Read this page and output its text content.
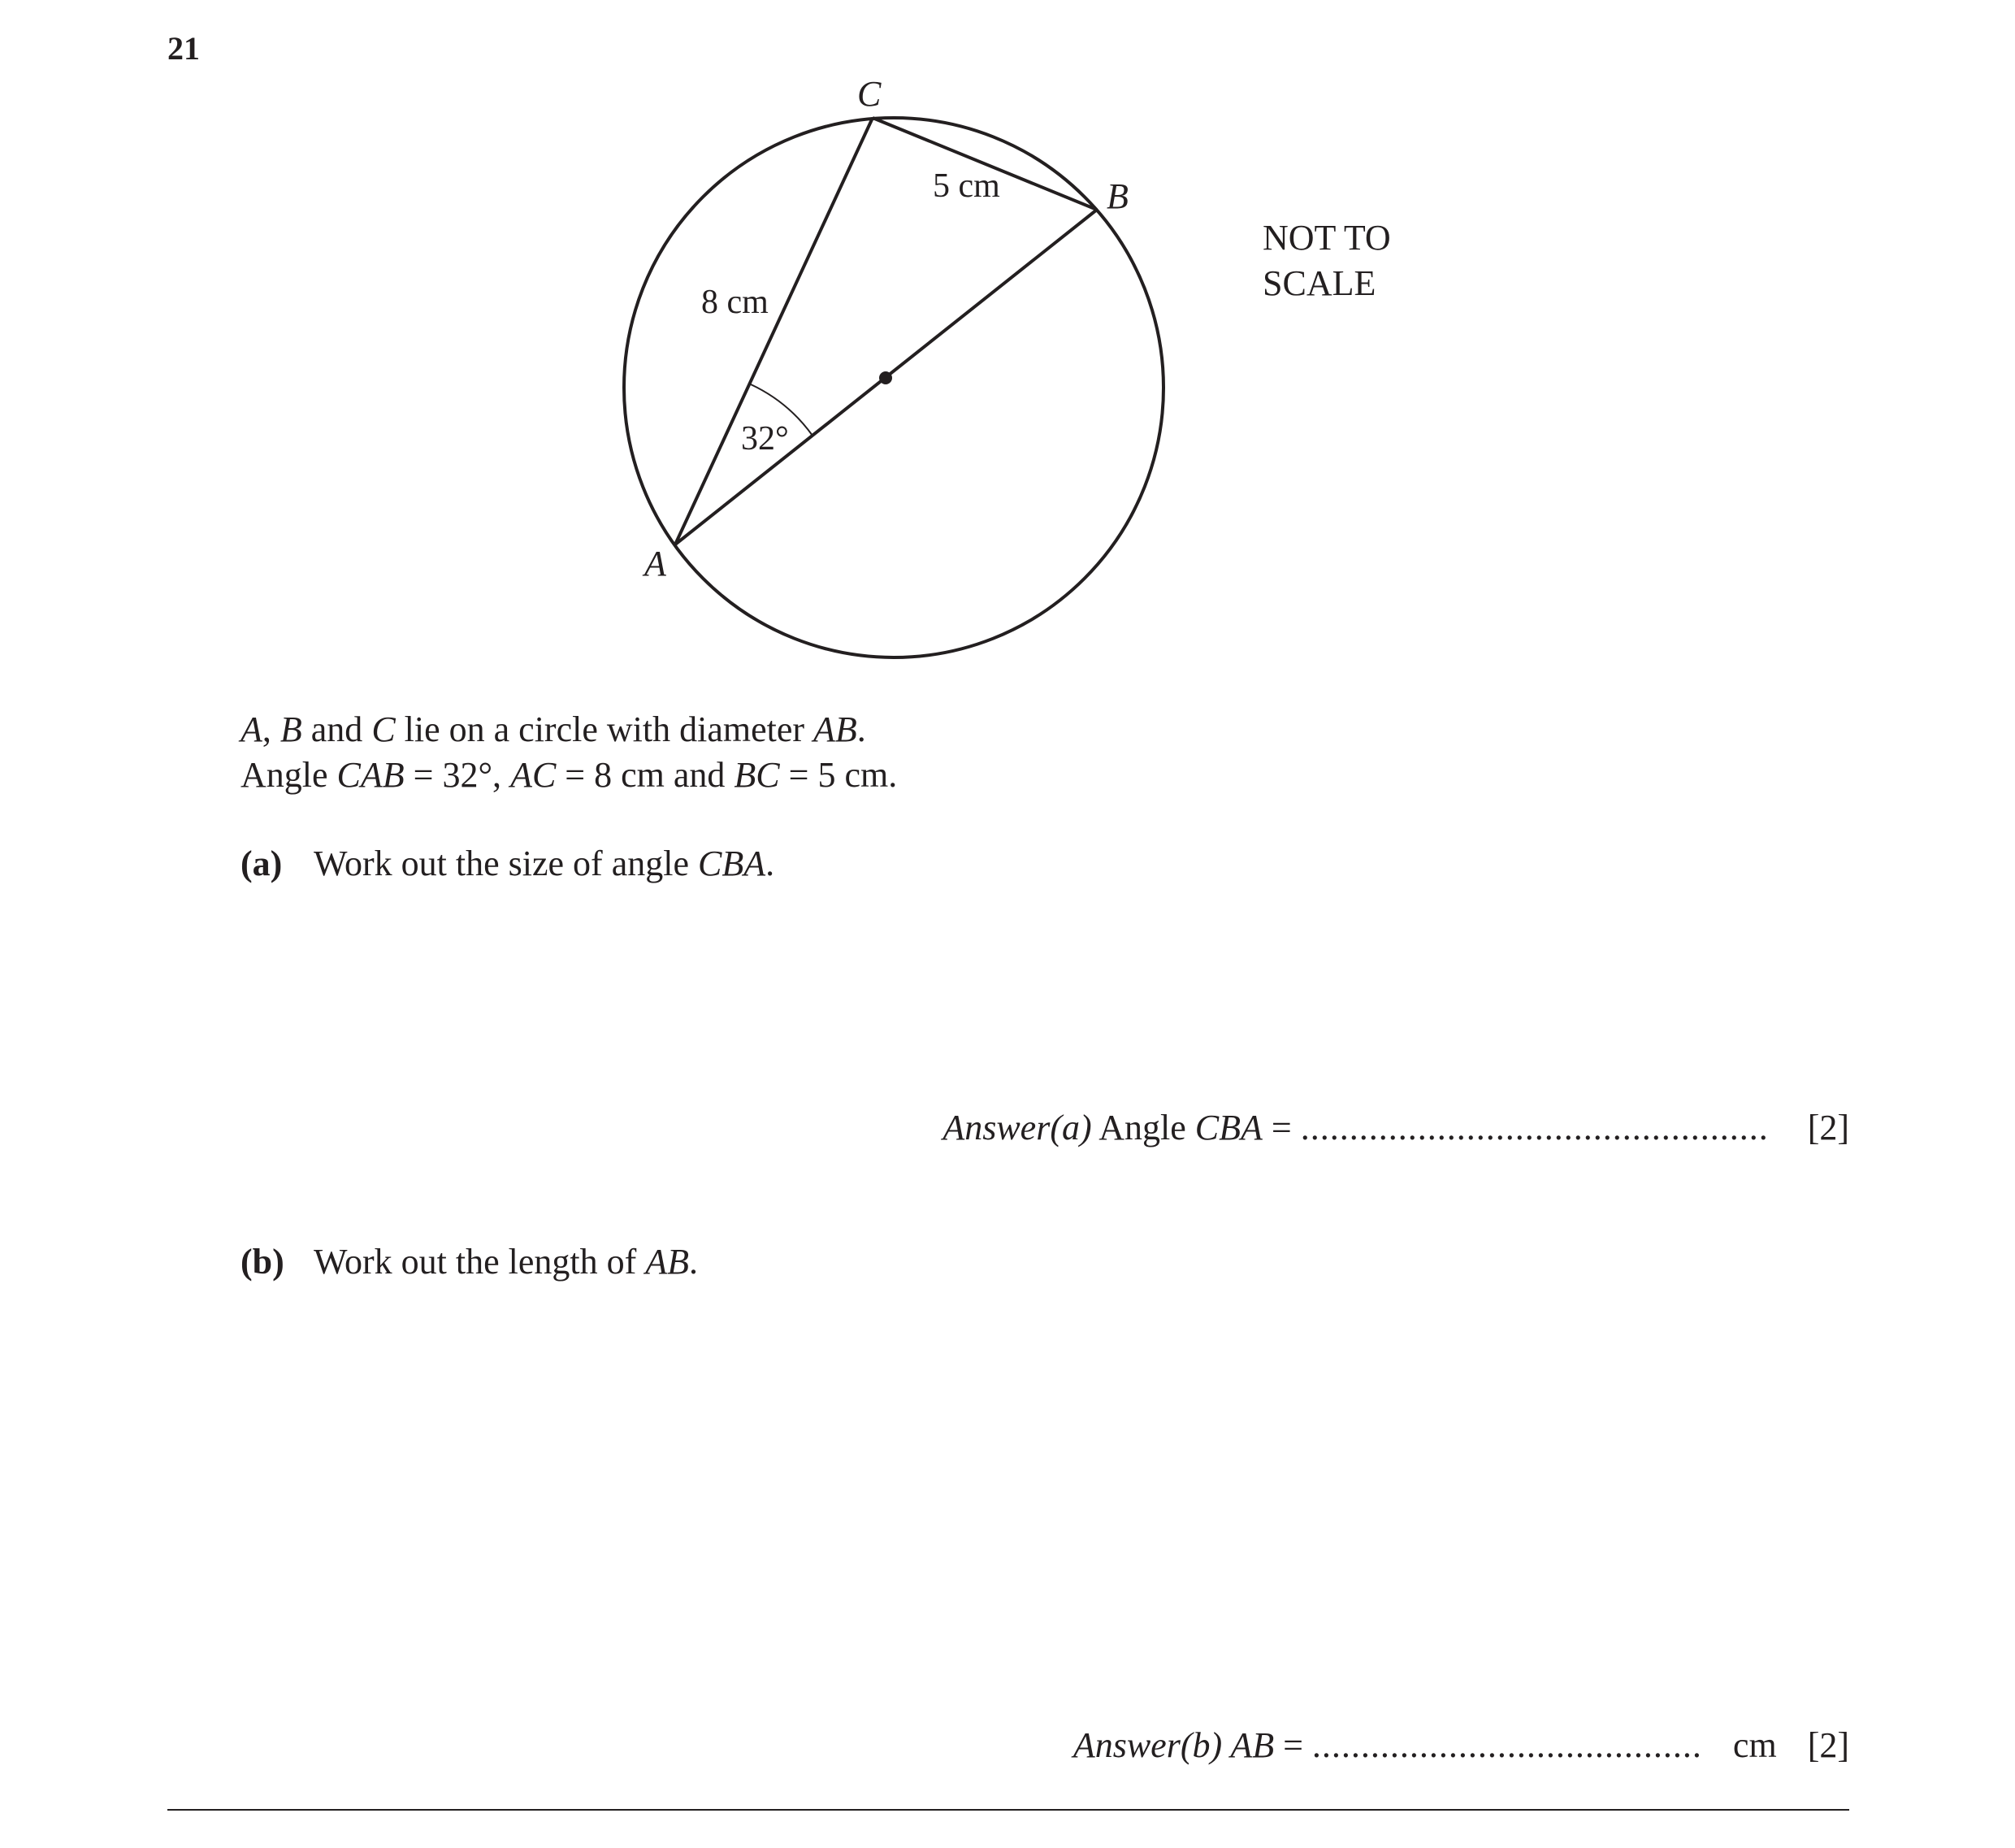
21
C
B
A
5 cm
8 cm
32°
NOT TO
SCALE
A, B and C lie on a circle with diameter AB.
Angle CAB = 32°, AC = 8 cm and BC = 5 cm.
(a) Work out the size of angle CBA.
Answer(a) Angle CBA = ................................................ [2]
(b) Work out the length of AB.
Answer(b) AB = ........................................ cm [2]
